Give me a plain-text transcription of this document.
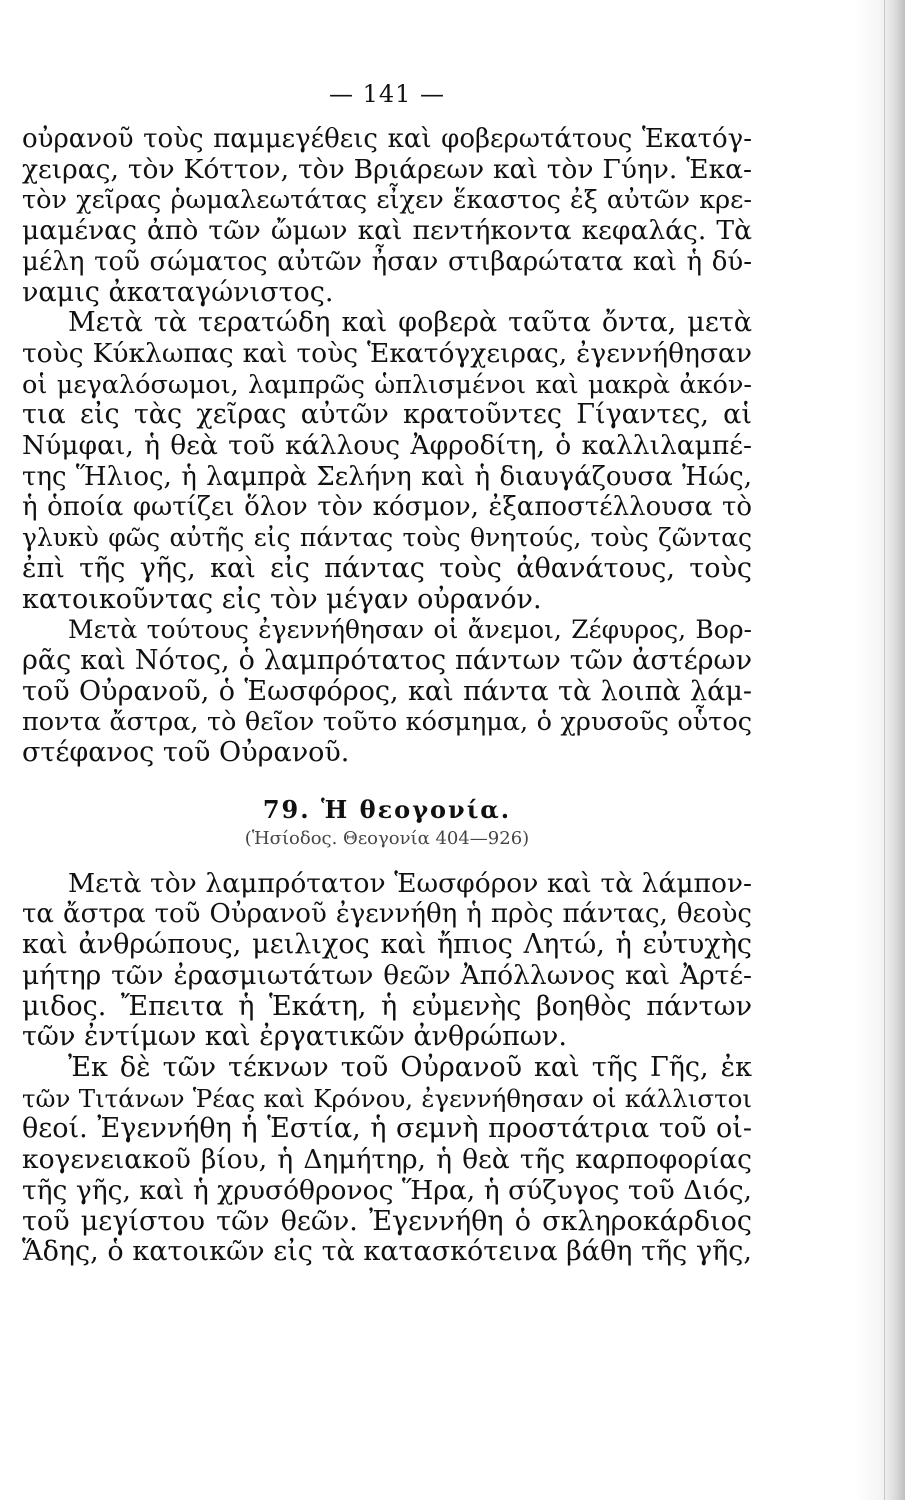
— 141 —
οὐρανοῦ τοὺς παμμεγέθεις καὶ φοβερωτάτους Ἑκατόγ-
χειρας, τὸν Κόττον, τὸν Βριάρεων καὶ τὸν Γύην. Ἑκα-
τὸν χεῖρας ῥωμαλεωτάτας εἶχεν ἕκαστος ἐξ αὐτῶν κρε-
μαμένας ἀπὸ τῶν ὤμων καὶ πεντήκοντα κεφαλάς. Τὰ
μέλη τοῦ σώματος αὐτῶν ἦσαν στιβαρώτατα καὶ ἡ δύ-
ναμις ἀκαταγώνιστος.
Μετὰ τὰ τερατώδη καὶ φοβερὰ ταῦτα ὄντα, μετὰ
τοὺς Κύκλωπας καὶ τοὺς Ἑκατόγχειρας, ἐγεννήθησαν
οἱ μεγαλόσωμοι, λαμπρῶς ὡπλισμένοι καὶ μακρὰ ἀκόν-
τια εἰς τὰς χεῖρας αὐτῶν κρατοῦντες Γίγαντες, αἱ
Νύμφαι, ἡ θεὰ τοῦ κάλλους Ἀφροδίτη, ὁ καλλιλαμπέ-
της Ἥλιος, ἡ λαμπρὰ Σελήνη καὶ ἡ διαυγάζουσα Ἠώς,
ἡ ὁποία φωτίζει ὅλον τὸν κόσμον, ἐξαποστέλλουσα τὸ
γλυκὺ φῶς αὐτῆς εἰς πάντας τοὺς θνητούς, τοὺς ζῶντας
ἐπὶ τῆς γῆς, καὶ εἰς πάντας τοὺς ἀθανάτους, τοὺς
κατοικοῦντας εἰς τὸν μέγαν οὐρανόν.
Μετὰ τούτους ἐγεννήθησαν οἱ ἄνεμοι, Ζέφυρος, Βορ-
ρᾶς καὶ Νότος, ὁ λαμπρότατος πάντων τῶν ἀστέρων
τοῦ Οὐρανοῦ, ὁ Ἑωσφόρος, καὶ πάντα τὰ λοιπὰ λάμ-
ποντα ἄστρα, τὸ θεῖον τοῦτο κόσμημα, ὁ χρυσοῦς οὗτος
στέφανος τοῦ Οὐρανοῦ.
79. Ἡ θεογονία.
(Ἡσίοδος. Θεογονία 404—926)
Μετὰ τὸν λαμπρότατον Ἑωσφόρον καὶ τὰ λάμπον-
τα ἄστρα τοῦ Οὐρανοῦ ἐγεννήθη ἡ πρὸς πάντας, θεοὺς
καὶ ἀνθρώπους, μειλιχος καὶ ἤπιος Λητώ, ἡ εὐτυχὴς
μήτηρ τῶν ἐρασμιωτάτων θεῶν Ἀπόλλωνος καὶ Ἀρτέ-
μιδος. Ἔπειτα ἡ Ἑκάτη, ἡ εὐμενὴς βοηθὸς πάντων
τῶν ἐντίμων καὶ ἐργατικῶν ἀνθρώπων.
Ἐκ δὲ τῶν τέκνων τοῦ Οὐρανοῦ καὶ τῆς Γῆς, ἐκ
τῶν Τιτάνων Ῥέας καὶ Κρόνου, ἐγεννήθησαν οἱ κάλλιστοι
θεοί. Ἐγεννήθη ἡ Ἑστία, ἡ σεμνὴ προστάτρια τοῦ οἰ-
κογενειακοῦ βίου, ἡ Δημήτηρ, ἡ θεὰ τῆς καρποφορίας
τῆς γῆς, καὶ ἡ χρυσόθρονος Ἥρα, ἡ σύζυγος τοῦ Διός,
τοῦ μεγίστου τῶν θεῶν. Ἐγεννήθη ὁ σκληροκάρδιος
Ἅδης, ὁ κατοικῶν εἰς τὰ κατασκότεινα βάθη τῆς γῆς,
